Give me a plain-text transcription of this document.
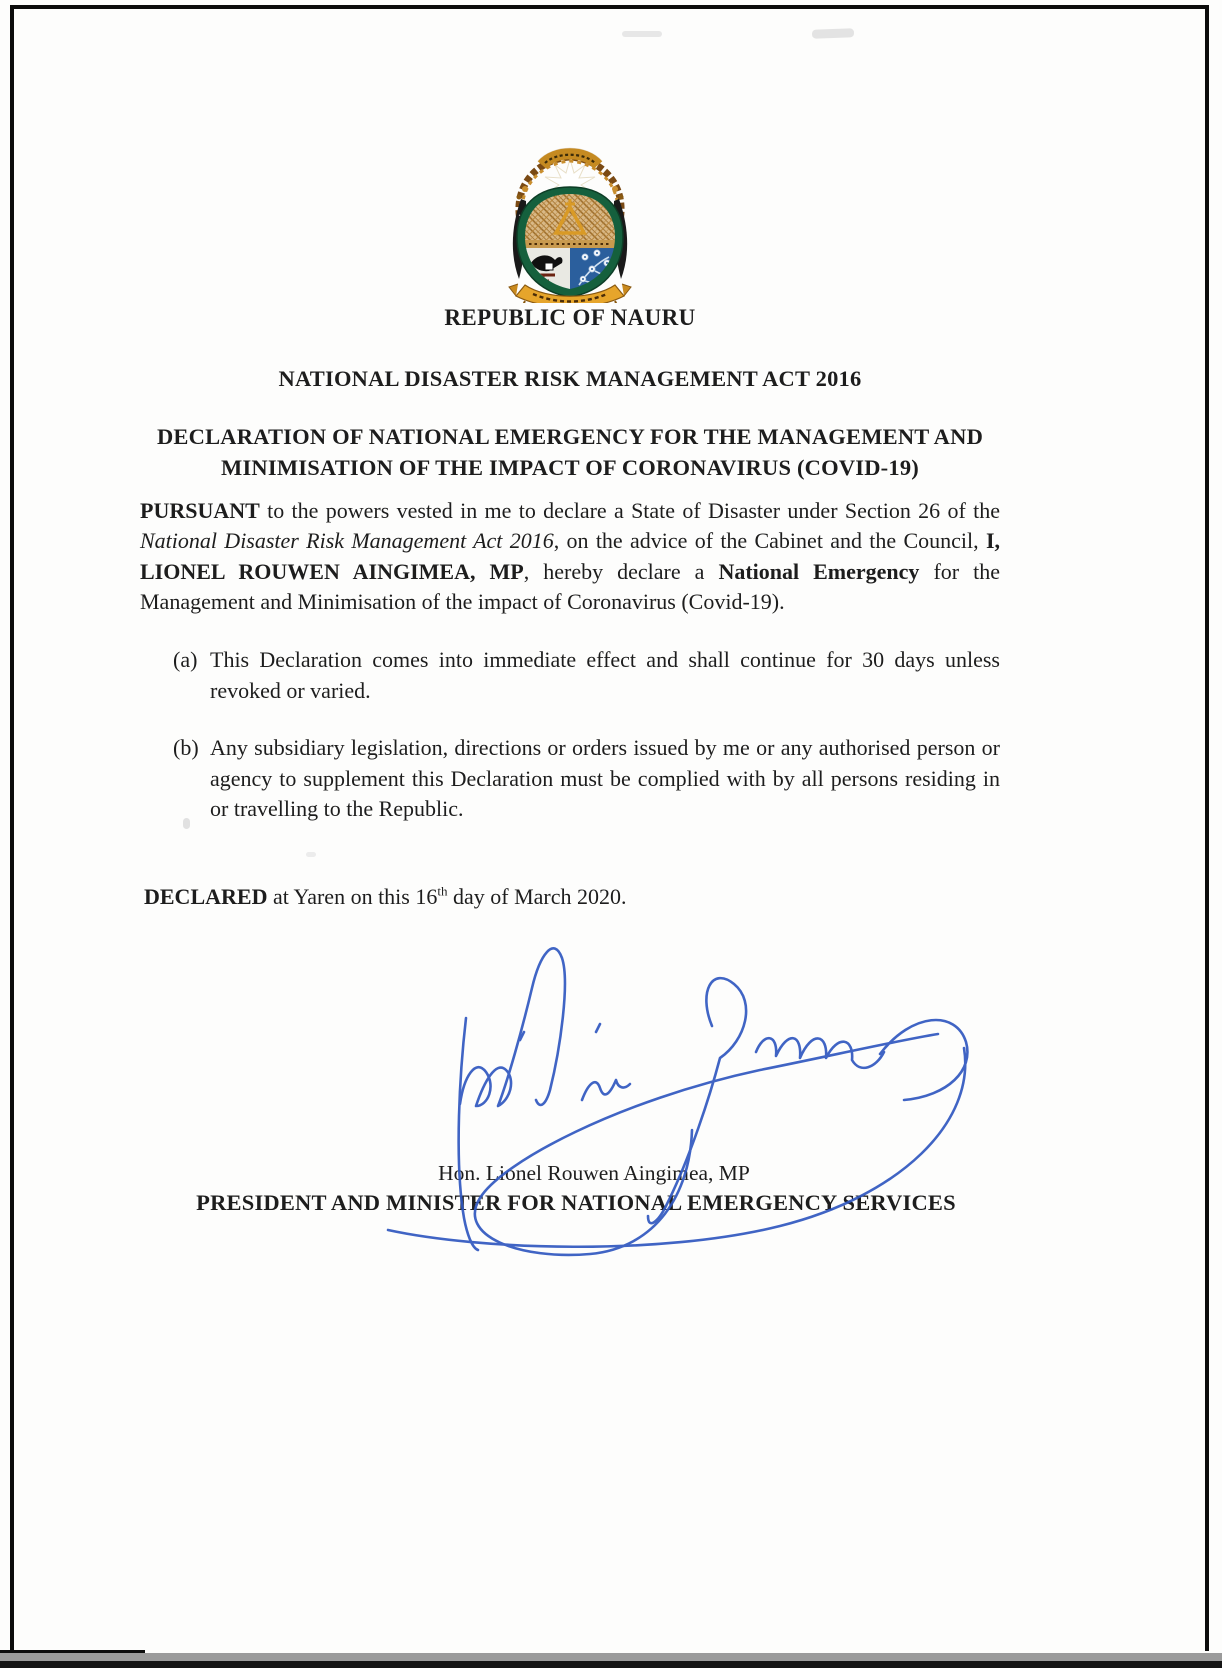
REPUBLIC OF NAURU
NATIONAL DISASTER RISK MANAGEMENT ACT 2016
DECLARATION OF NATIONAL EMERGENCY FOR THE MANAGEMENT AND
MINIMISATION OF THE IMPACT OF CORONAVIRUS (COVID-19)

PURSUANT to the powers vested in me to declare a State of Disaster under Section 26 of the National Disaster Risk Management Act 2016, on the advice of the Cabinet and the Council, I, LIONEL ROUWEN AINGIMEA, MP, hereby declare a National Emergency for the Management and Minimisation of the impact of Coronavirus (Covid-19).

(a) This Declaration comes into immediate effect and shall continue for 30 days unless revoked or varied.
(b) Any subsidiary legislation, directions or orders issued by me or any authorised person or agency to supplement this Declaration must be complied with by all persons residing in or travelling to the Republic.

DECLARED at Yaren on this 16th day of March 2020.

Hon. Lionel Rouwen Aingimea, MP
PRESIDENT AND MINISTER FOR NATIONAL EMERGENCY SERVICES
